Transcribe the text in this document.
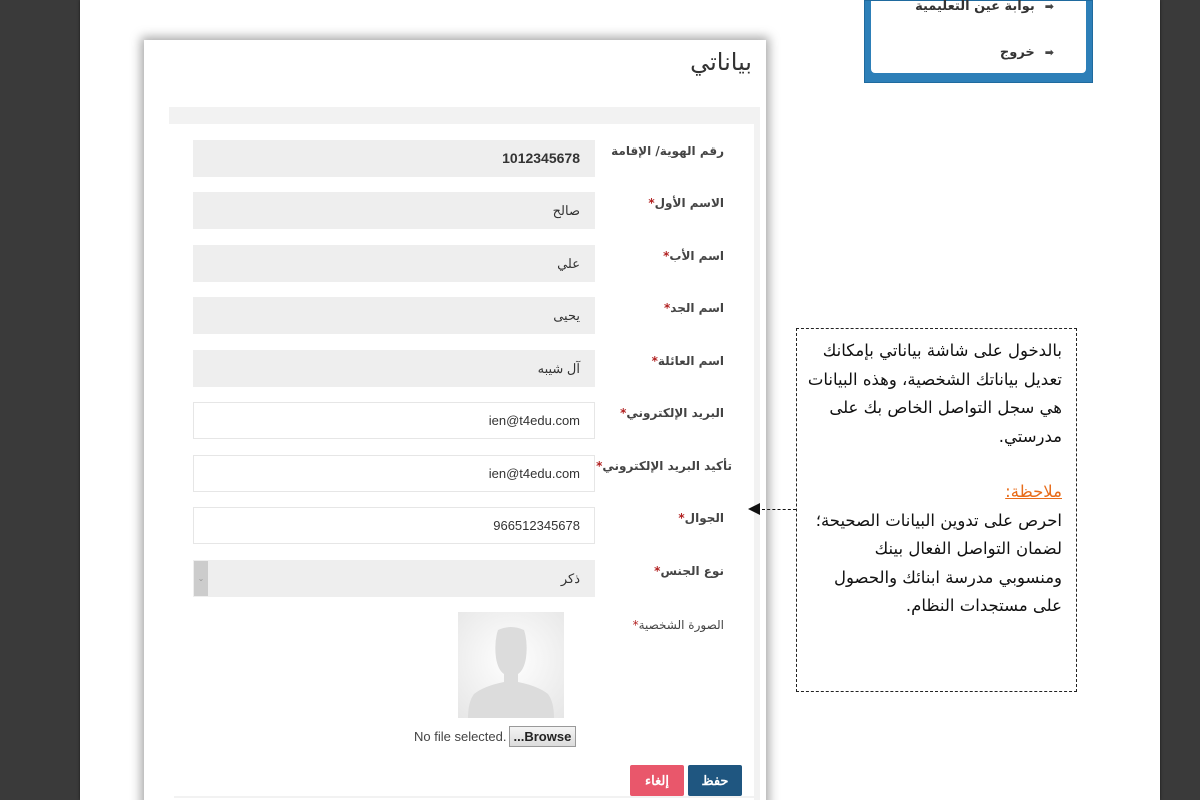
➡
بوابة عين التعليمية
➡
خروج
بياناتي
رقم الهوية/ الإقامة
1012345678
الاسم الأول*
صالح
اسم الأب*
علي
اسم الجد*
يحيى
اسم العائلة*
آل شيبه
البريد الإلكتروني*
ien@t4edu.com
تأكيد البريد الإلكتروني*
ien@t4edu.com
الجوال*
966512345678
نوع الجنس*
ذكر
⌄
الصورة الشخصية*
No file selected. ...Browse
حفظ
إلغاء

بالدخول على شاشة بياناتي بإمكانك تعديل بياناتك الشخصية، وهذه البيانات هي سجل التواصل الخاص بك على مدرستي.

ملاحظة:

احرص على تدوين البيانات الصحيحة؛ لضمان التواصل الفعال بينك ومنسوبي مدرسة ابنائك والحصول على مستجدات النظام.
